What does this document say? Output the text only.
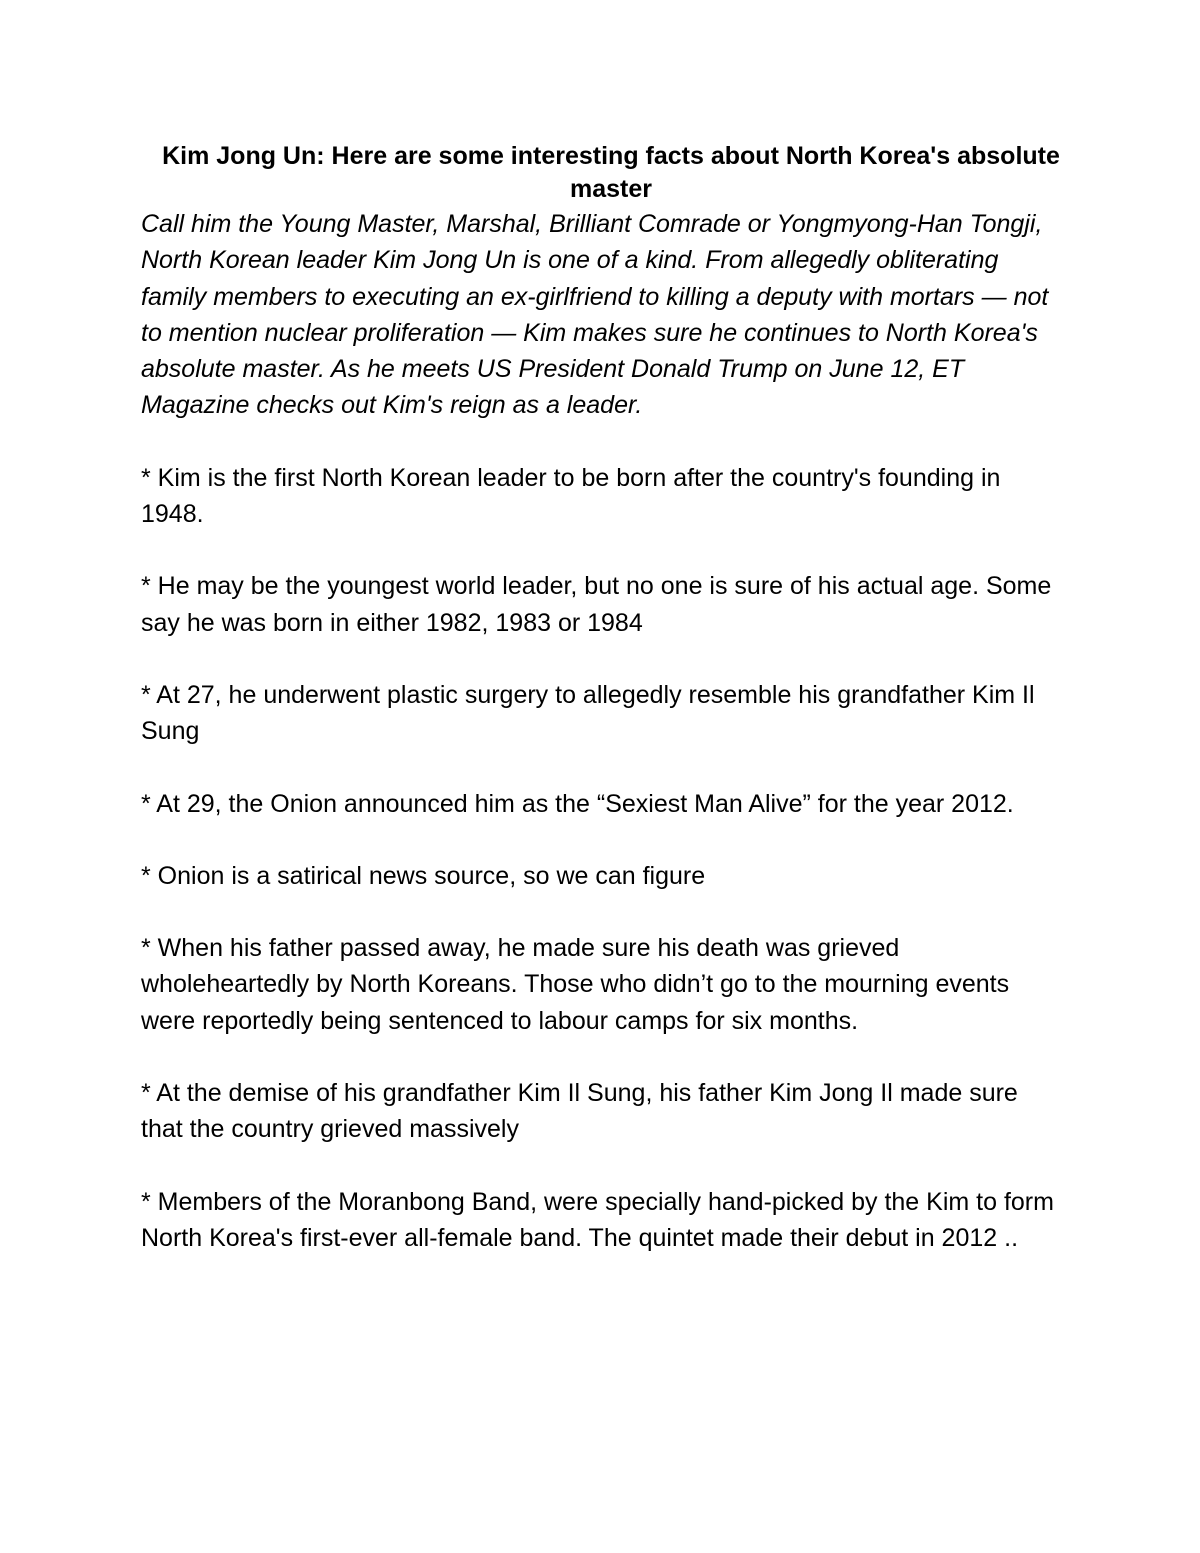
Kim Jong Un: Here are some interesting facts about North Korea's absolute master

Call him the Young Master, Marshal, Brilliant Comrade or Yongmyong-Han Tongji, North Korean leader Kim Jong Un is one of a kind. From allegedly obliterating family members to executing an ex-girlfriend to killing a deputy with mortars — not to mention nuclear proliferation — Kim makes sure he continues to North Korea's absolute master. As he meets US President Donald Trump on June 12, ET Magazine checks out Kim's reign as a leader.

* Kim is the first North Korean leader to be born after the country's founding in 1948.

* He may be the youngest world leader, but no one is sure of his actual age. Some say he was born in either 1982, 1983 or 1984

* At 27, he underwent plastic surgery to allegedly resemble his grandfather Kim Il Sung

* At 29, the Onion announced him as the “Sexiest Man Alive” for the year 2012.

* Onion is a satirical news source, so we can figure

* When his father passed away, he made sure his death was grieved wholeheartedly by North Koreans. Those who didn’t go to the mourning events were reportedly being sentenced to labour camps for six months.

* At the demise of his grandfather Kim Il Sung, his father Kim Jong Il made sure that the country grieved massively

* Members of the Moranbong Band, were specially hand-picked by the Kim to form North Korea's first-ever all-female band. The quintet made their debut in 2012 ..
